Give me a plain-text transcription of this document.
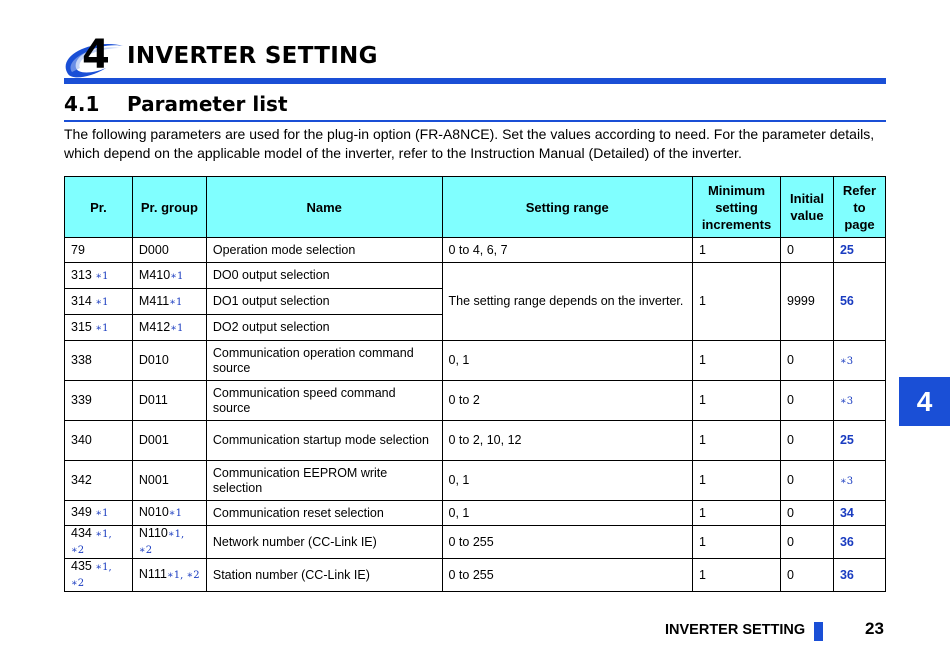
4 INVERTER SETTING
4.1 Parameter list

The following parameters are used for the plug-in option (FR-A8NCE). Set the values according to need. For the parameter details, which depend on the applicable model of the inverter, refer to the Instruction Manual (Detailed) of the inverter.

Pr.	Pr. group	Name	Setting range	Minimum setting increments	Initial value	Refer to page
79	D000	Operation mode selection	0 to 4, 6, 7	1	0	25
313 ∗1	M410∗1	DO0 output selection	The setting range depends on the inverter.	1	9999	56
314 ∗1	M411∗1	DO1 output selection				
315 ∗1	M412∗1	DO2 output selection				
338	D010	Communication operation command source	0, 1	1	0	∗3
339	D011	Communication speed command source	0 to 2	1	0	∗3
340	D001	Communication startup mode selection	0 to 2, 10, 12	1	0	25
342	N001	Communication EEPROM write selection	0, 1	1	0	∗3
349 ∗1	N010∗1	Communication reset selection	0, 1	1	0	34
434 ∗1, ∗2	N110∗1, ∗2	Network number (CC-Link IE)	0 to 255	1	0	36
435 ∗1, ∗2	N111∗1, ∗2	Station number (CC-Link IE)	0 to 255	1	0	36
4
INVERTER SETTING	23
